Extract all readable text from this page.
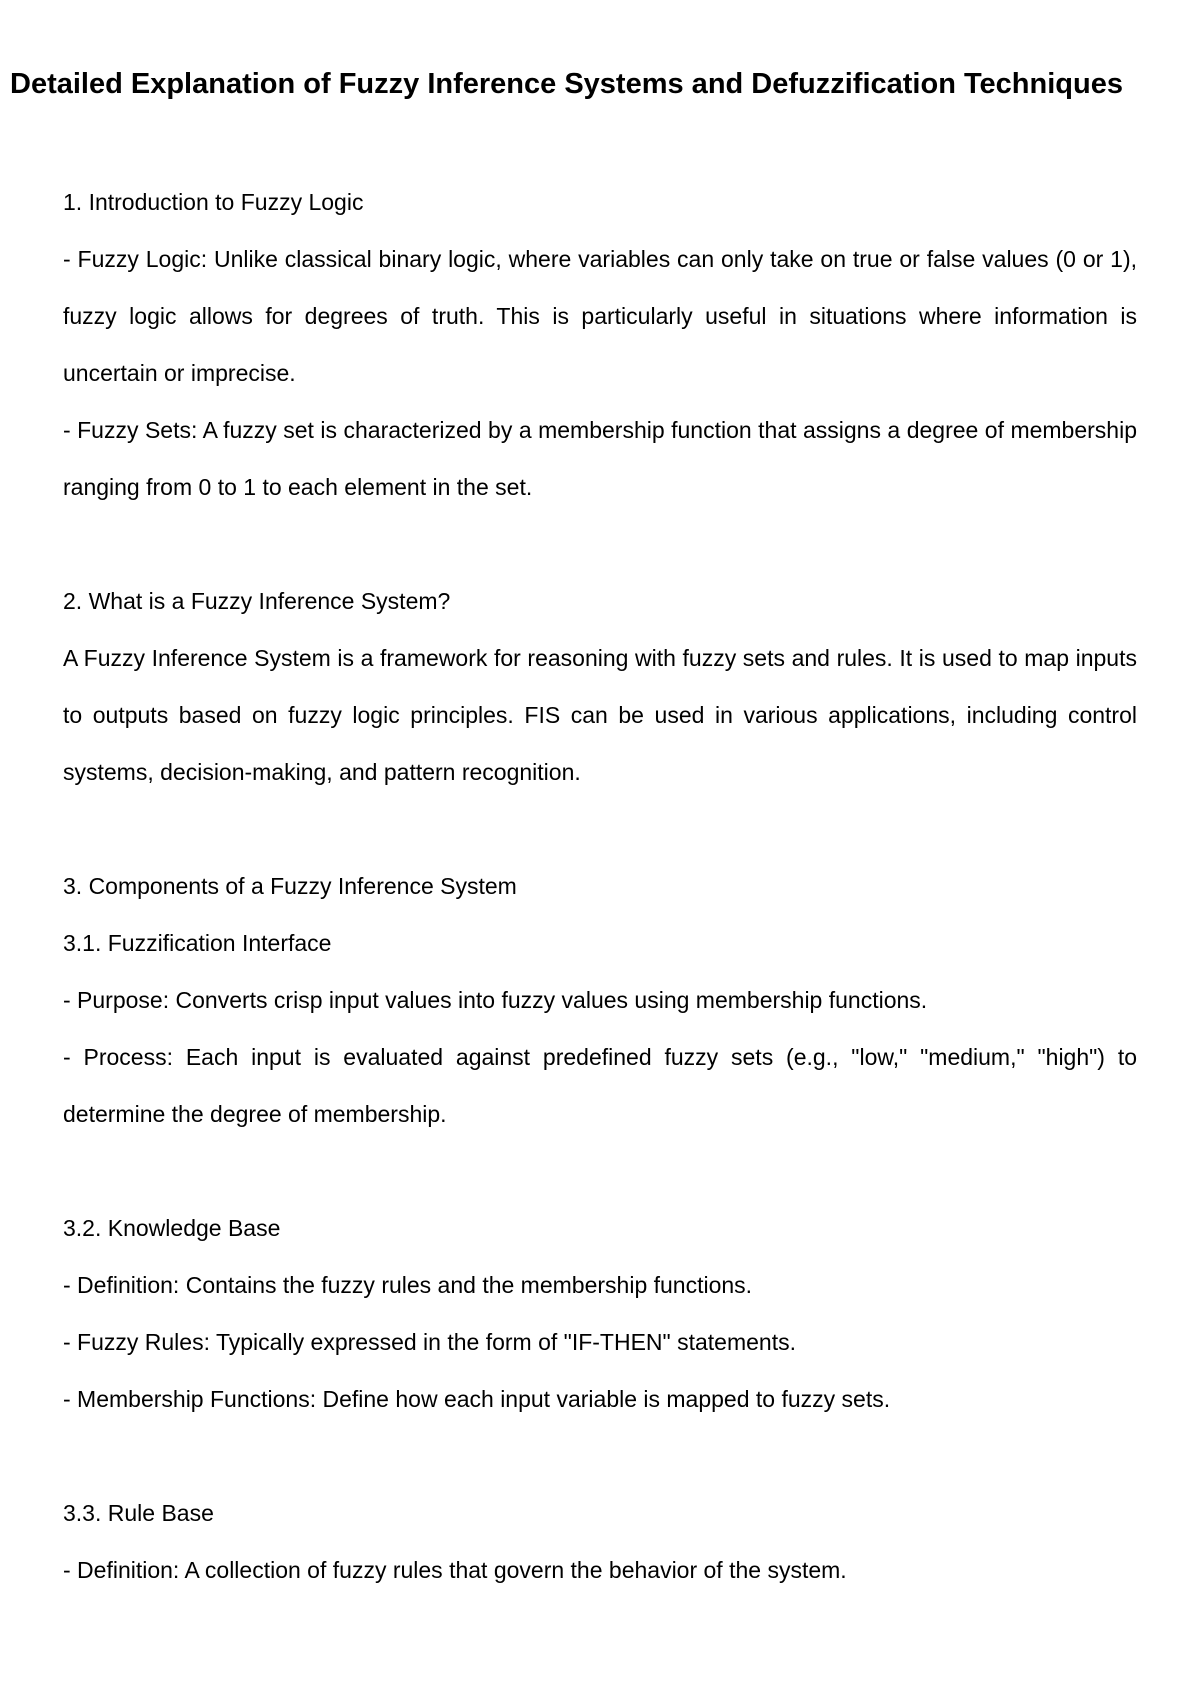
Detailed Explanation of Fuzzy Inference Systems and Defuzzification Techniques

1. Introduction to Fuzzy Logic

- Fuzzy Logic: Unlike classical binary logic, where variables can only take on true or false values (0 or 1), fuzzy logic allows for degrees of truth. This is particularly useful in situations where information is uncertain or imprecise.

- Fuzzy Sets: A fuzzy set is characterized by a membership function that assigns a degree of membership ranging from 0 to 1 to each element in the set.

2. What is a Fuzzy Inference System?

A Fuzzy Inference System is a framework for reasoning with fuzzy sets and rules. It is used to map inputs to outputs based on fuzzy logic principles. FIS can be used in various applications, including control systems, decision-making, and pattern recognition.

3. Components of a Fuzzy Inference System

3.1. Fuzzification Interface

- Purpose: Converts crisp input values into fuzzy values using membership functions.

- Process: Each input is evaluated against predefined fuzzy sets (e.g., "low," "medium," "high") to determine the degree of membership.

3.2. Knowledge Base

- Definition: Contains the fuzzy rules and the membership functions.

- Fuzzy Rules: Typically expressed in the form of "IF-THEN" statements.

- Membership Functions: Define how each input variable is mapped to fuzzy sets.

3.3. Rule Base

- Definition: A collection of fuzzy rules that govern the behavior of the system.
